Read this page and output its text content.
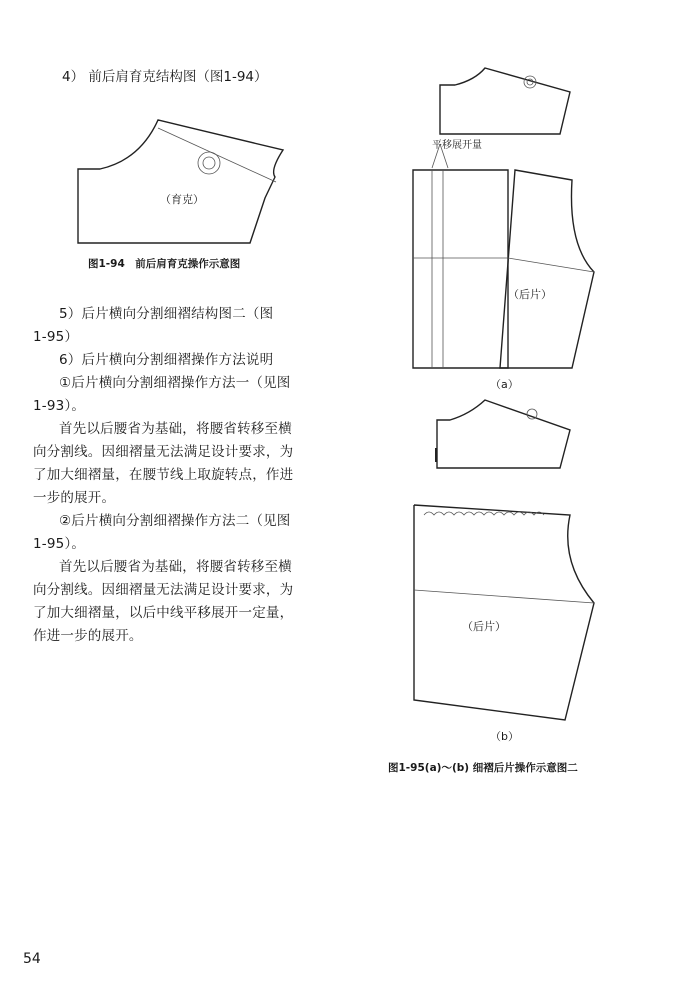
4） 前后肩育克结构图（图1-94）
（育克）
图1-94　前后肩育克操作示意图

5）后片横向分割细褶结构图二（图

1-95）

6）后片横向分割细褶操作方法说明

①后片横向分割细褶操作方法一（见图

1-93）。

首先以后腰省为基础，将腰省转移至横

向分割线。因细褶量无法满足设计要求，为

了加大细褶量，在腰节线上取旋转点，作进

一步的展开。

②后片横向分割细褶操作方法二（见图

1-95）。

首先以后腰省为基础，将腰省转移至横

向分割线。因细褶量无法满足设计要求，为

了加大细褶量，以后中线平移展开一定量，

作进一步的展开。

平移展开量
（后片）
（a）
（后片）
（b）
图1-95(a)～(b) 细褶后片操作示意图二
54
